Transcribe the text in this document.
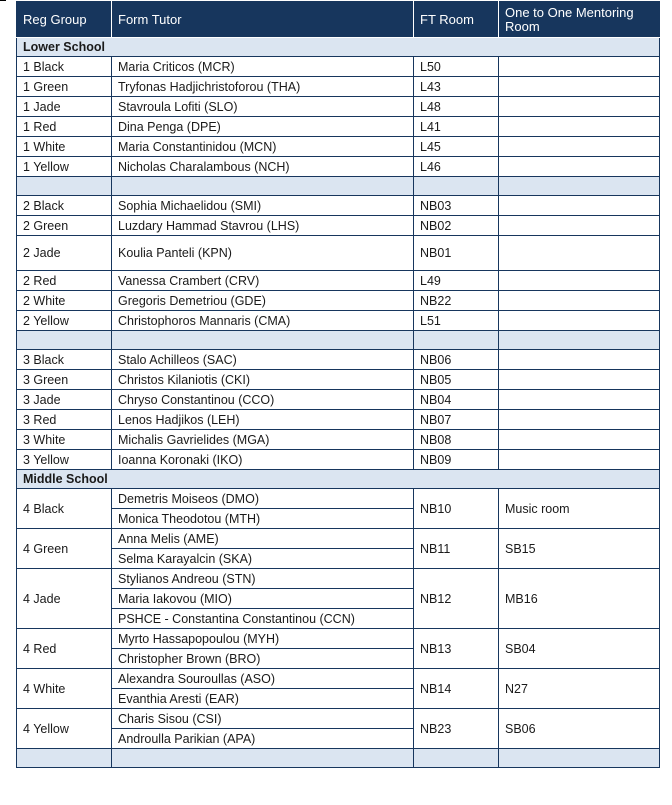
Reg Group	Form Tutor	FT Room	One to One Mentoring Room
Lower School			
1 Black	Maria Criticos (MCR)	L50	
1 Green	Tryfonas Hadjichristoforou (THA)	L43	
1 Jade	Stavroula Lofiti (SLO)	L48	
1 Red	Dina Penga (DPE)	L41	
1 White	Maria Constantinidou (MCN)	L45	
1 Yellow	Nicholas Charalambous (NCH)	L46	

2 Black	Sophia Michaelidou (SMI)	NB03	
2 Green	Luzdary Hammad Stavrou (LHS)	NB02	
2 Jade	Koulia Panteli (KPN)	NB01	
2 Red	Vanessa Crambert (CRV)	L49	
2 White	Gregoris Demetriou (GDE)	NB22	
2 Yellow	Christophoros Mannaris (CMA)	L51	

3 Black	Stalo Achilleos (SAC)	NB06	
3 Green	Christos Kilaniotis (CKI)	NB05	
3 Jade	Chryso Constantinou (CCO)	NB04	
3 Red	Lenos Hadjikos (LEH)	NB07	
3 White	Michalis Gavrielides (MGA)	NB08	
3 Yellow	Ioanna Koronaki (IKO)	NB09	
Middle School			
4 Black	Demetris Moiseos (DMO)	NB10	Music room
	Monica Theodotou (MTH)		
4 Green	Anna Melis (AME)	NB11	SB15
	Selma Karayalcin (SKA)		
4 Jade	Stylianos Andreou (STN)	NB12	MB16
	Maria Iakovou (MIO)		
	PSHCE - Constantina Constantinou (CCN)		
4 Red	Myrto Hassapopoulou (MYH)	NB13	SB04
	Christopher Brown (BRO)		
4 White	Alexandra Souroullas (ASO)	NB14	N27
	Evanthia Aresti (EAR)		
4 Yellow	Charis Sisou (CSI)	NB23	SB06
	Androulla Parikian (APA)		
